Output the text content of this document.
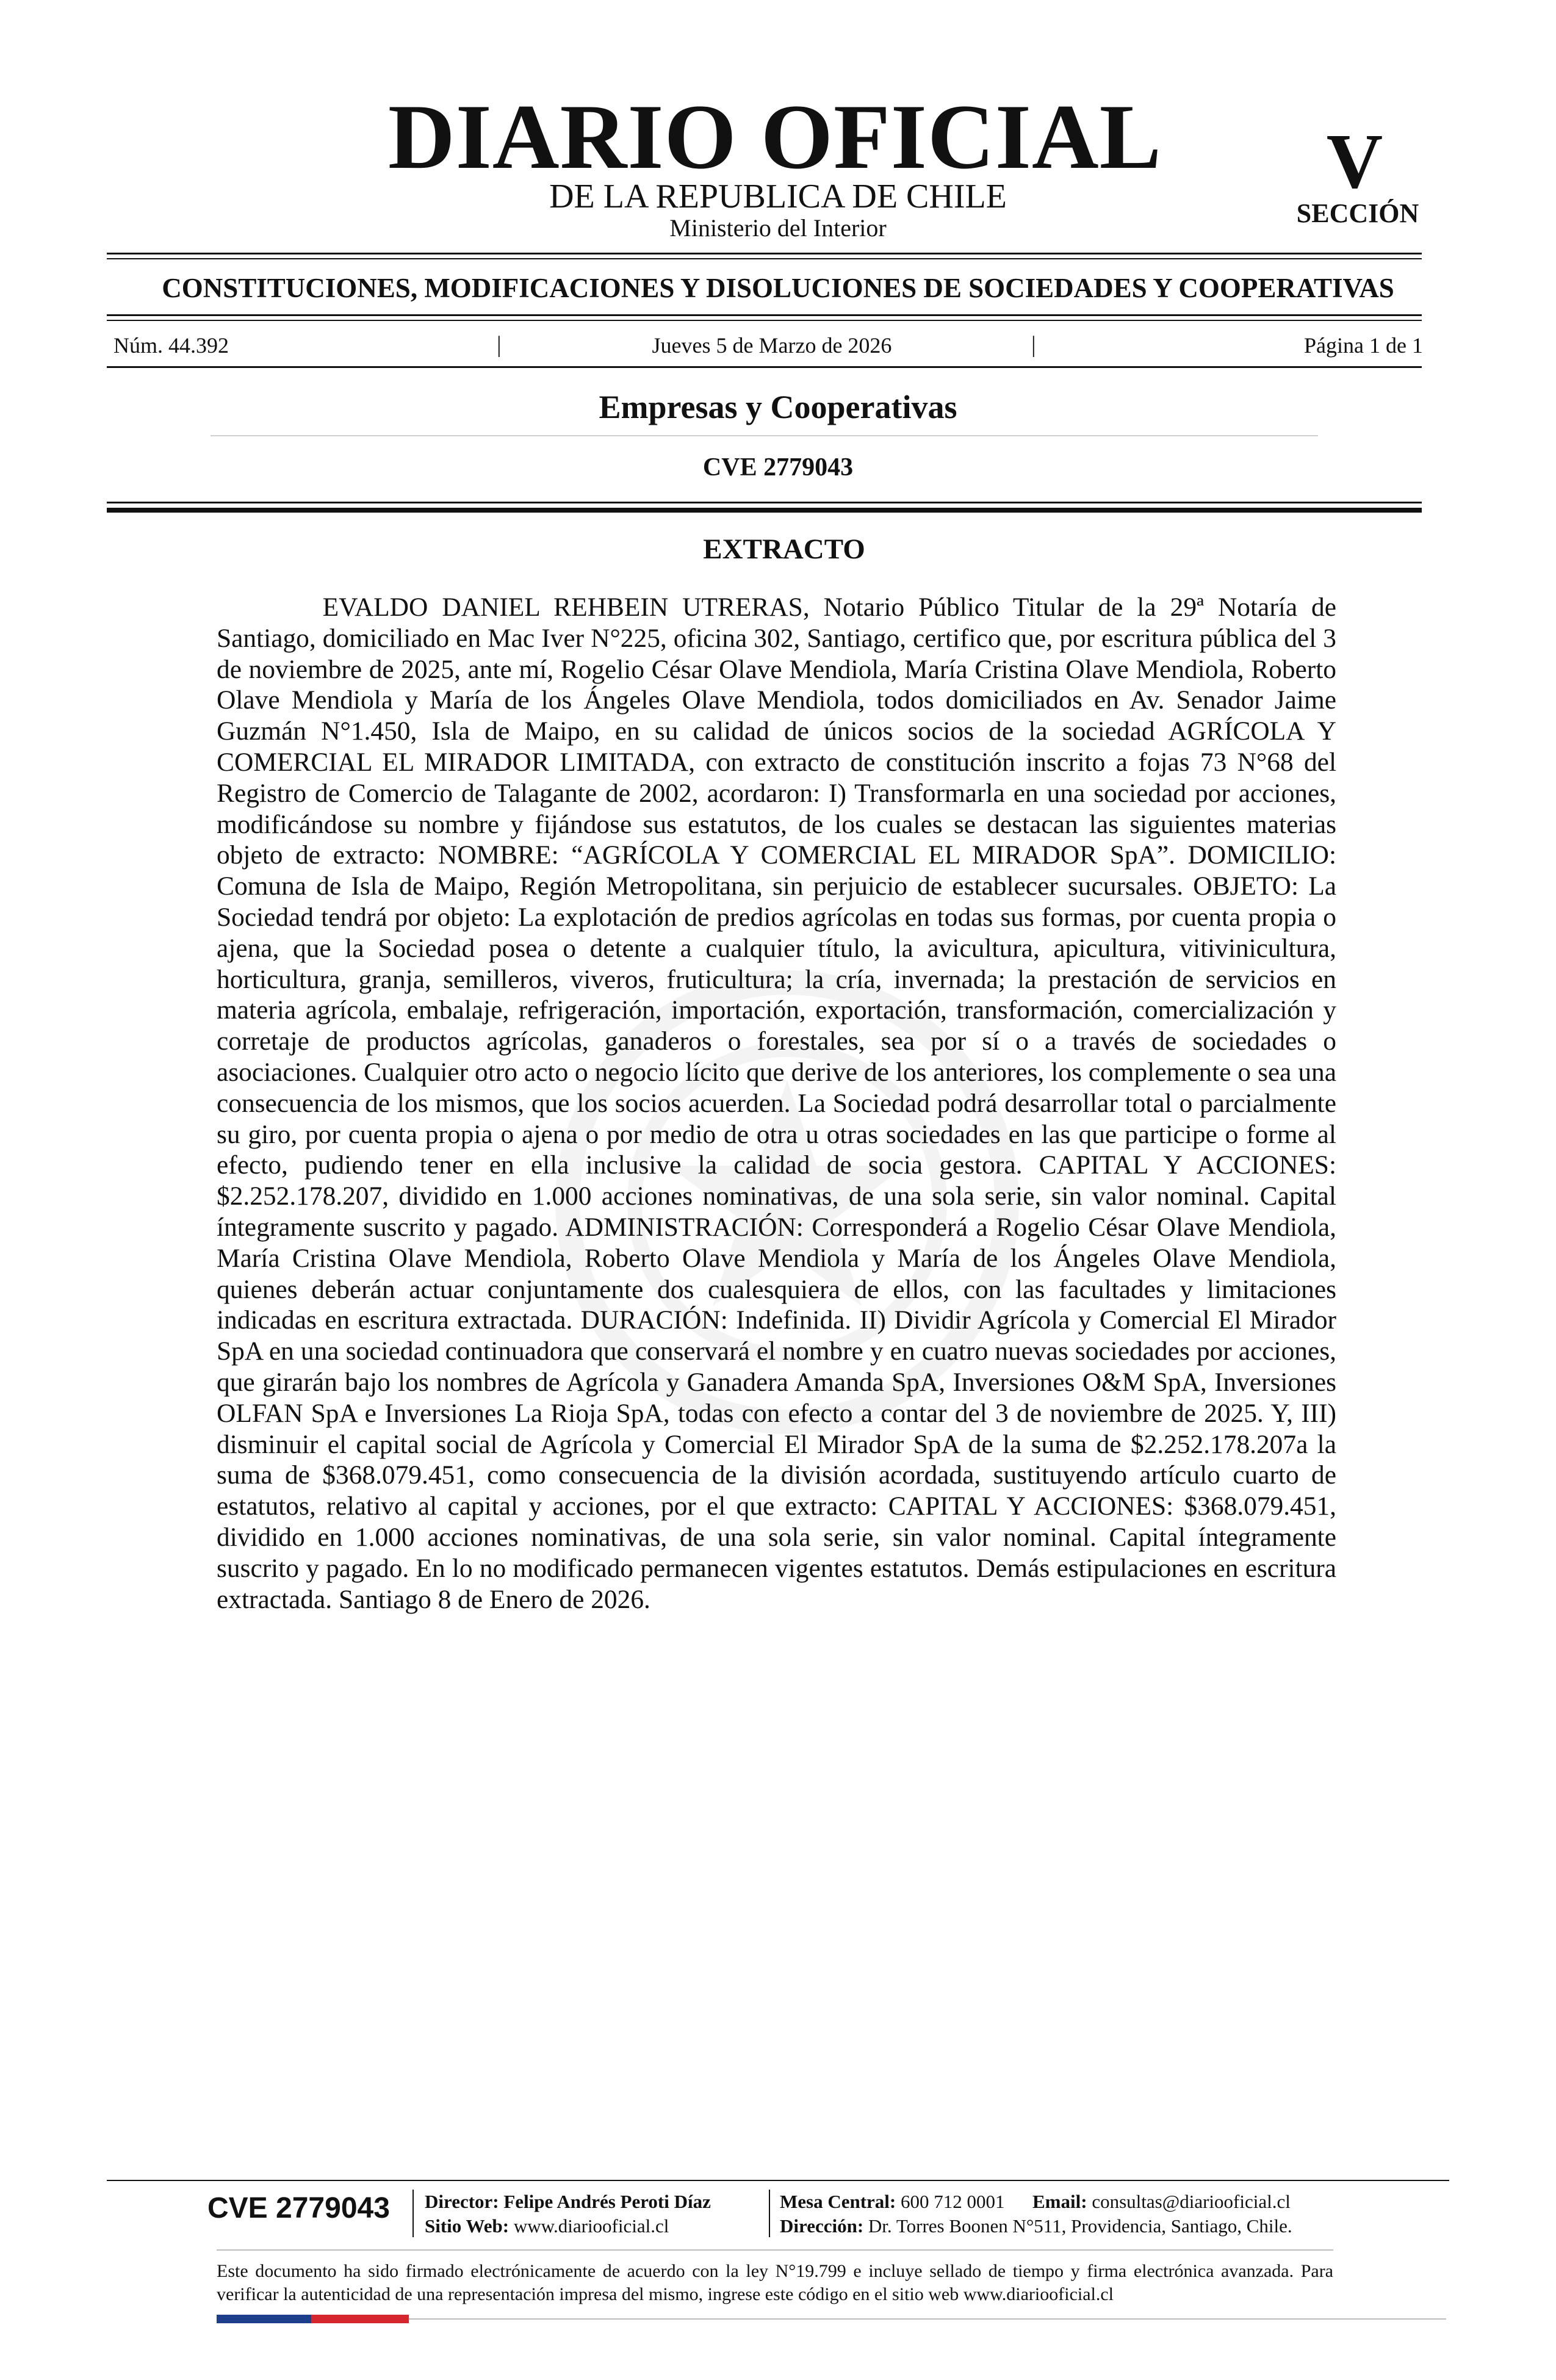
DIARIO OFICIAL
DE LA REPUBLICA DE CHILE
Ministerio del Interior
V
SECCIÓN
CONSTITUCIONES, MODIFICACIONES Y DISOLUCIONES DE SOCIEDADES Y COOPERATIVAS
Núm. 44.392	|	Jueves 5 de Marzo de 2026	|	Página 1 de 1
Empresas y Cooperativas
CVE 2779043
EXTRACTO

EVALDO DANIEL REHBEIN UTRERAS, Notario Público Titular de la 29ª Notaría de Santiago, domiciliado en Mac Iver N°225, oficina 302, Santiago, certifico que, por escritura pública del 3 de noviembre de 2025, ante mí, Rogelio César Olave Mendiola, María Cristina Olave Mendiola, Roberto Olave Mendiola y María de los Ángeles Olave Mendiola, todos domiciliados en Av. Senador Jaime Guzmán N°1.450, Isla de Maipo, en su calidad de únicos socios de la sociedad AGRÍCOLA Y COMERCIAL EL MIRADOR LIMITADA, con extracto de constitución inscrito a fojas 73 N°68 del Registro de Comercio de Talagante de 2002, acordaron: I) Transformarla en una sociedad por acciones, modificándose su nombre y fijándose sus estatutos, de los cuales se destacan las siguientes materias objeto de extracto: NOMBRE: “AGRÍCOLA Y COMERCIAL EL MIRADOR SpA”. DOMICILIO: Comuna de Isla de Maipo, Región Metropolitana, sin perjuicio de establecer sucursales. OBJETO: La Sociedad tendrá por objeto: La explotación de predios agrícolas en todas sus formas, por cuenta propia o ajena, que la Sociedad posea o detente a cualquier título, la avicultura, apicultura, vitivinicultura, horticultura, granja, semilleros, viveros, fruticultura; la cría, invernada; la prestación de servicios en materia agrícola, embalaje, refrigeración, importación, exportación, transformación, comercialización y corretaje de productos agrícolas, ganaderos o forestales, sea por sí o a través de sociedades o asociaciones. Cualquier otro acto o negocio lícito que derive de los anteriores, los complemente o sea una consecuencia de los mismos, que los socios acuerden. La Sociedad podrá desarrollar total o parcialmente su giro, por cuenta propia o ajena o por medio de otra u otras sociedades en las que participe o forme al efecto, pudiendo tener en ella inclusive la calidad de socia gestora. CAPITAL Y ACCIONES: $2.252.178.207, dividido en 1.000 acciones nominativas, de una sola serie, sin valor nominal. Capital íntegramente suscrito y pagado. ADMINISTRACIÓN: Corresponderá a Rogelio César Olave Mendiola, María Cristina Olave Mendiola, Roberto Olave Mendiola y María de los Ángeles Olave Mendiola, quienes deberán actuar conjuntamente dos cualesquiera de ellos, con las facultades y limitaciones indicadas en escritura extractada. DURACIÓN: Indefinida. II) Dividir Agrícola y Comercial El Mirador SpA en una sociedad continuadora que conservará el nombre y en cuatro nuevas sociedades por acciones, que girarán bajo los nombres de Agrícola y Ganadera Amanda SpA, Inversiones O&M SpA, Inversiones OLFAN SpA e Inversiones La Rioja SpA, todas con efecto a contar del 3 de noviembre de 2025. Y, III) disminuir el capital social de Agrícola y Comercial El Mirador SpA de la suma de $2.252.178.207a la suma de $368.079.451, como consecuencia de la división acordada, sustituyendo artículo cuarto de estatutos, relativo al capital y acciones, por el que extracto: CAPITAL Y ACCIONES: $368.079.451, dividido en 1.000 acciones nominativas, de una sola serie, sin valor nominal. Capital íntegramente suscrito y pagado. En lo no modificado permanecen vigentes estatutos. Demás estipulaciones en escritura extractada. Santiago 8 de Enero de 2026.

CVE 2779043 Director: Felipe Andrés Peroti Díaz
Sitio Web: www.diariooficial.cl
Mesa Central: 600 712 0001 Email: consultas@diariooficial.cl
Dirección: Dr. Torres Boonen N°511, Providencia, Santiago, Chile.

Este documento ha sido firmado electrónicamente de acuerdo con la ley N°19.799 e incluye sellado de tiempo y firma electrónica avanzada. Para verificar la autenticidad de una representación impresa del mismo, ingrese este código en el sitio web www.diariooficial.cl
